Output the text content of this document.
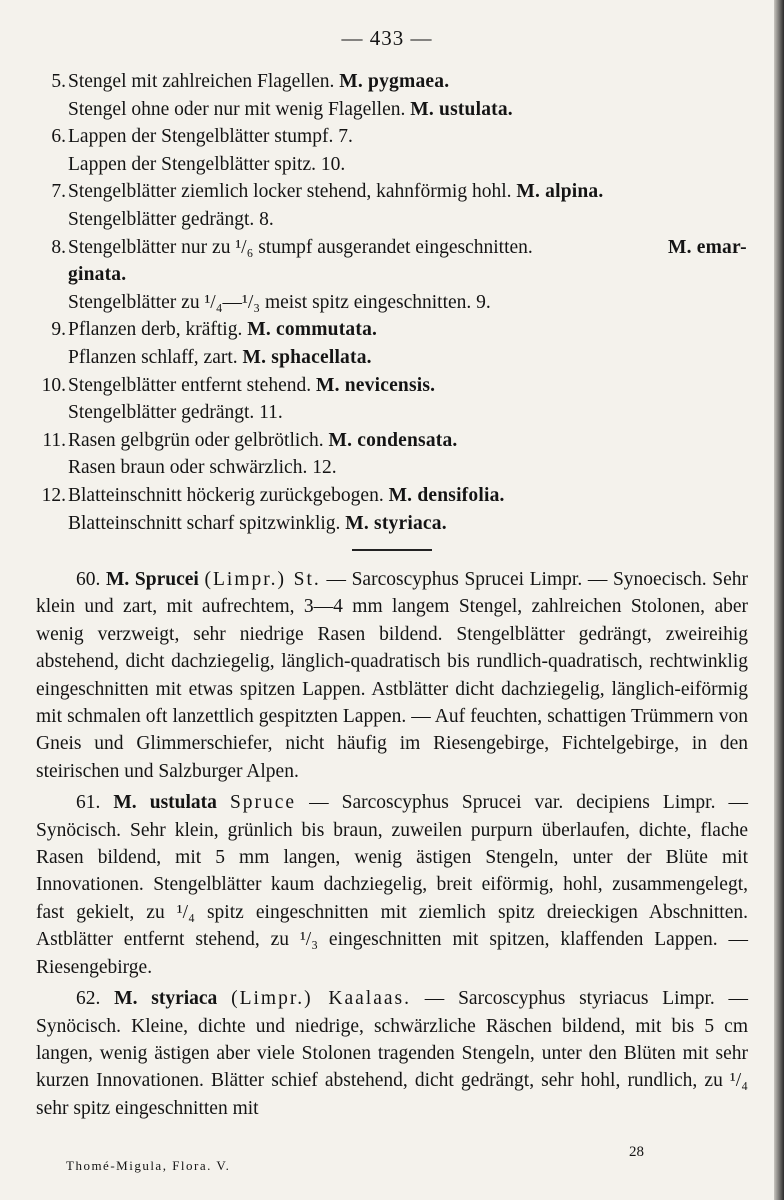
— 433 —
5. Stengel mit zahlreichen Flagellen. M. pygmaea.
Stengel ohne oder nur mit wenig Flagellen. M. ustulata.
6. Lappen der Stengelblätter stumpf. 7.
Lappen der Stengelblätter spitz. 10.
7. Stengelblätter ziemlich locker stehend, kahnförmig hohl. M. alpina.
Stengelblätter gedrängt. 8.
8. Stengelblätter nur zu ¹/₆ stumpf ausgerandet eingeschnitten.	M. emar-
ginata.
Stengelblätter zu ¹/₄—¹/₃ meist spitz eingeschnitten. 9.
9. Pflanzen derb, kräftig. M. commutata.
Pflanzen schlaff, zart. M. sphacellata.
10. Stengelblätter entfernt stehend. M. nevicensis.
Stengelblätter gedrängt. 11.
11. Rasen gelbgrün oder gelbrötlich. M. condensata.
Rasen braun oder schwärzlich. 12.
12. Blatteinschnitt höckerig zurückgebogen. M. densifolia.
Blatteinschnitt scharf spitzwinklig. M. styriaca.

60. M. Sprucei (Limpr.) St. — Sarcoscyphus Sprucei Limpr. — Synoecisch. Sehr klein und zart, mit aufrechtem, 3—4 mm langem Stengel, zahlreichen Stolonen, aber wenig verzweigt, sehr niedrige Rasen bildend. Stengelblätter gedrängt, zweireihig abstehend, dicht dachziegelig, länglich-quadratisch bis rundlich-quadratisch, rechtwinklig eingeschnitten mit etwas spitzen Lappen. Astblätter dicht dachziegelig, länglich-eiförmig mit schmalen oft lanzettlich gespitzten Lappen. — Auf feuchten, schattigen Trümmern von Gneis und Glimmerschiefer, nicht häufig im Riesengebirge, Fichtelgebirge, in den steirischen und Salzburger Alpen.

61. M. ustulata Spruce — Sarcoscyphus Sprucei var. decipiens Limpr. — Synöcisch. Sehr klein, grünlich bis braun, zuweilen purpurn überlaufen, dichte, flache Rasen bildend, mit 5 mm langen, wenig ästigen Stengeln, unter der Blüte mit Innovationen. Stengelblätter kaum dachziegelig, breit eiförmig, hohl, zusammengelegt, fast gekielt, zu ¹/₄ spitz eingeschnitten mit ziemlich spitz dreieckigen Abschnitten. Astblätter entfernt stehend, zu ¹/₃ eingeschnitten mit spitzen, klaffenden Lappen. — Riesengebirge.

62. M. styriaca (Limpr.) Kaalaas. — Sarcoscyphus styriacus Limpr. — Synöcisch. Kleine, dichte und niedrige, schwärzliche Räschen bildend, mit bis 5 cm langen, wenig ästigen aber viele Stolonen tragenden Stengeln, unter den Blüten mit sehr kurzen Innovationen. Blätter schief abstehend, dicht gedrängt, sehr hohl, rundlich, zu ¹/₄ sehr spitz eingeschnitten mit

Thomé-Migula, Flora. V.
28
